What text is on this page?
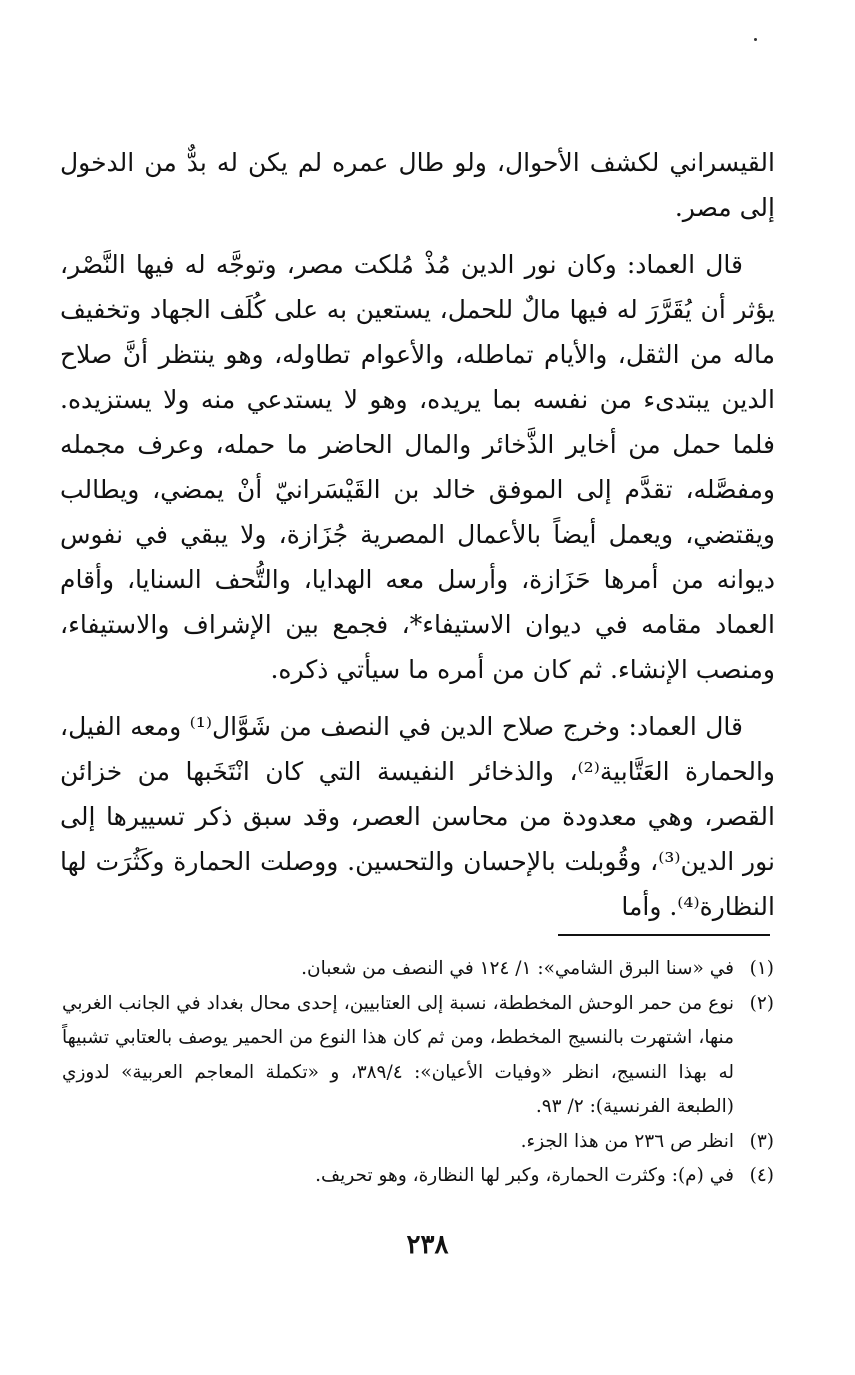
القيسراني لكشف الأحوال، ولو طال عمره لم يكن له بدٌّ من الدخول إلى مصر.

قال العماد: وكان نور الدين مُذْ مُلكت مصر، وتوجَّه له فيها النَّصْر، يؤثر أن يُقَرَّرَ له فيها مالٌ للحمل، يستعين به على كُلَف الجهاد وتخفيف ماله من الثقل، والأيام تماطله، والأعوام تطاوله، وهو ينتظر أنَّ صلاح الدين يبتدىء من نفسه بما يريده، وهو لا يستدعي منه ولا يستزيده. فلما حمل من أخاير الذَّخائر والمال الحاضر ما حمله، وعرف مجمله ومفصَّله، تقدَّم إلى الموفق خالد بن القَيْسَرانيّ أنْ يمضي، ويطالب ويقتضي، ويعمل أيضاً بالأعمال المصرية جُزَازة، ولا يبقي في نفوس ديوانه من أمرها حَزَازة، وأرسل معه الهدايا، والتُّحف السنايا، وأقام العماد مقامه في ديوان الاستيفاء*، فجمع بين الإشراف والاستيفاء، ومنصب الإنشاء. ثم كان من أمره ما سيأتي ذكره.

قال العماد: وخرج صلاح الدين في النصف من شَوَّال⁽¹⁾ ومعه الفيل، والحمارة العَتَّابية⁽²⁾، والذخائر النفيسة التي كان انْتَخَبها من خزائن القصر، وهي معدودة من محاسن العصر، وقد سبق ذكر تسييرها إلى نور الدين⁽³⁾، وقُوبلت بالإحسان والتحسين. ووصلت الحمارة وكَثُرَت لها النظارة⁽⁴⁾. وأما

(١)
في «سنا البرق الشامي»: ١/ ١٢٤ في النصف من شعبان.

(٢)
نوع من حمر الوحش المخططة، نسبة إلى العتابيين، إحدى محال بغداد في الجانب الغربي منها، اشتهرت بالنسيج المخطط، ومن ثم كان هذا النوع من الحمير يوصف بالعتابي تشبيهاً له بهذا النسيج، انظر «وفيات الأعيان»: ٣٨٩/٤، و «تكملة المعاجم العربية» لدوزي (الطبعة الفرنسية): ٢/ ٩٣.

(٣)
انظر ص ٢٣٦ من هذا الجزء.

(٤)
في (م): وكثرت الحمارة، وكبر لها النظارة، وهو تحريف.

٢٣٨
